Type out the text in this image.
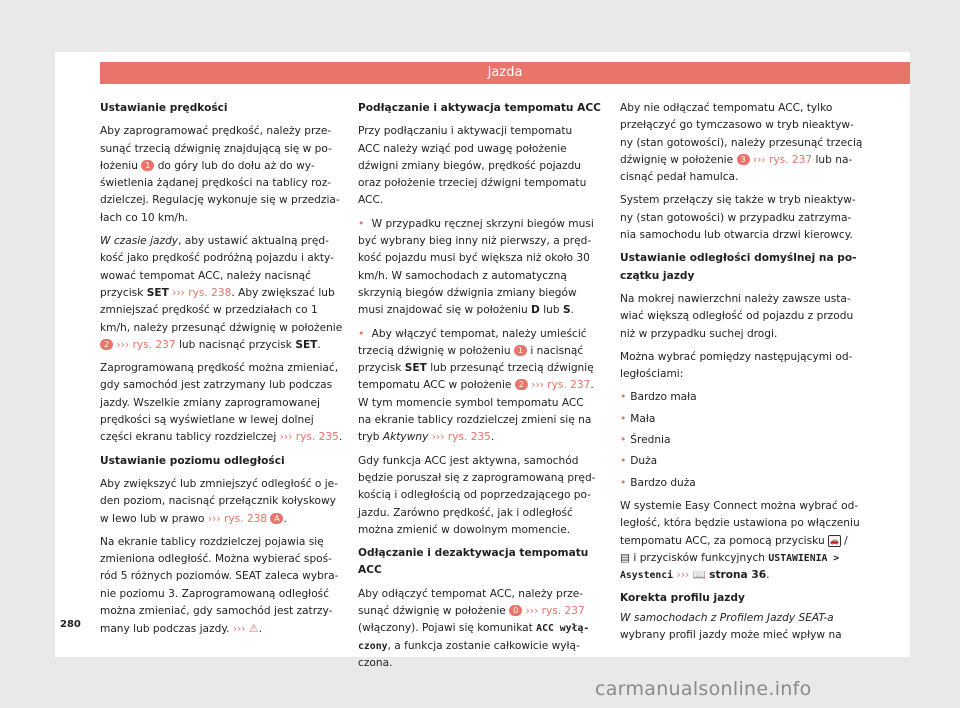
Jazda
Ustawianie prędkości

Aby zaprogramować prędkość, należy prze-
sunąć trzecią dźwignię znajdującą się w po-
łożeniu 1 do góry lub do dołu aż do wy-
świetlenia żądanej prędkości na tablicy roz-
dzielczej. Regulację wykonuje się w przedzia-
łach co 10 km/h.

W czasie jazdy, aby ustawić aktualną pręd-
kość jako prędkość podróżną pojazdu i akty-
wować tempomat ACC, należy nacisnąć
przycisk SET ››› rys. 238. Aby zwiększać lub
zmniejszać prędkość w przedziałach co 1
km/h, należy przesunąć dźwignię w położenie
2 ››› rys. 237 lub nacisnąć przycisk SET.

Zaprogramowaną prędkość można zmieniać,
gdy samochód jest zatrzymany lub podczas
jazdy. Wszelkie zmiany zaprogramowanej
prędkości są wyświetlane w lewej dolnej
części ekranu tablicy rozdzielczej ››› rys. 235.

Ustawianie poziomu odległości

Aby zwiększyć lub zmniejszyć odległość o je-
den poziom, nacisnąć przełącznik kołyskowy
w lewo lub w prawo ››› rys. 238 A .

Na ekranie tablicy rozdzielczej pojawia się
zmieniona odległość. Można wybierać spoś-
ród 5 różnych poziomów. SEAT zaleca wybra-
nie poziomu 3. Zaprogramowaną odległość
można zmieniać, gdy samochód jest zatrzy-
many lub podczas jazdy. ››› ⚠.

Podłączanie i aktywacja tempomatu ACC

Przy podłączaniu i aktywacji tempomatu
ACC należy wziąć pod uwagę położenie
dźwigni zmiany biegów, prędkość pojazdu
oraz położenie trzeciej dźwigni tempomatu
ACC.

• W przypadku ręcznej skrzyni biegów musi
być wybrany bieg inny niż pierwszy, a pręd-
kość pojazdu musi być większa niż około 30
km/h. W samochodach z automatyczną
skrzynią biegów dźwignia zmiany biegów
musi znajdować się w położeniu D lub S.

• Aby włączyć tempomat, należy umieścić
trzecią dźwignię w położeniu 1 i nacisnąć
przycisk SET lub przesunąć trzecią dźwignię
tempomatu ACC w położenie 2 ››› rys. 237.
W tym momencie symbol tempomatu ACC
na ekranie tablicy rozdzielczej zmieni się na
tryb Aktywny ››› rys. 235.

Gdy funkcja ACC jest aktywna, samochód
będzie poruszał się z zaprogramowaną pręd-
kością i odległością od poprzedzającego po-
jazdu. Zarówno prędkość, jak i odległość
można zmienić w dowolnym momencie.

Odłączanie i dezaktywacja tempomatu
ACC

Aby odłączyć tempomat ACC, należy prze-
sunąć dźwignię w położenie 0 ››› rys. 237
(włączony). Pojawi się komunikat ACC wyłą-
czony, a funkcja zostanie całkowicie wyłą-
czona.

Aby nie odłączać tempomatu ACC, tylko
przełączyć go tymczasowo w tryb nieaktyw-
ny (stan gotowości), należy przesunąć trzecią
dźwignię w położenie 3 ››› rys. 237 lub na-
cisnąć pedał hamulca.

System przełączy się także w tryb nieaktyw-
ny (stan gotowości) w przypadku zatrzyma-
nia samochodu lub otwarcia drzwi kierowcy.

Ustawianie odległości domyślnej na po-
czątku jazdy

Na mokrej nawierzchni należy zawsze usta-
wiać większą odległość od pojazdu z przodu
niż w przypadku suchej drogi.

Można wybrać pomiędzy następującymi od-
ległościami:

• Bardzo mała
• Mała
• Średnia
• Duża
• Bardzo duża

W systemie Easy Connect można wybrać od-
ległość, która będzie ustawiona po włączeniu
tempomatu ACC, za pomocą przycisku 🚗 /
▤ i przycisków funkcyjnych USTAWIENIA >
Asystenci ››› 📖 strona 36.

Korekta profilu jazdy

W samochodach z Profilem Jazdy SEAT-a
wybrany profil jazdy może mieć wpływ na

280
carmanualsonline.info
